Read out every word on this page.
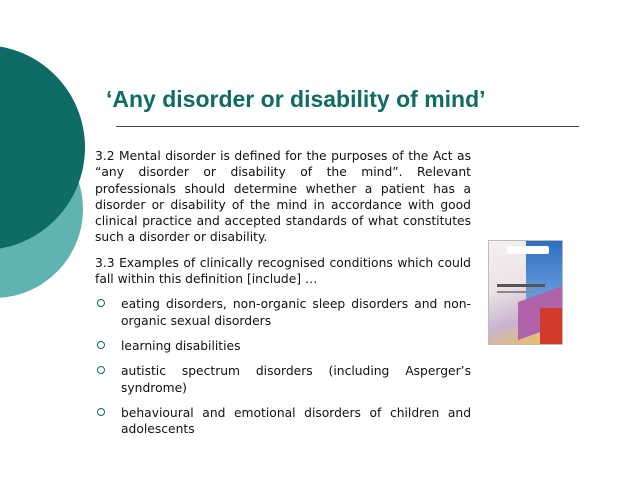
‘Any disorder or disability of mind’

3.2 Mental disorder is defined for the purposes of the Act as “any disorder or disability of the mind”. Relevant professionals should determine whether a patient has a disorder or disability of the mind in accordance with good clinical practice and accepted standards of what constitutes such a disorder or disability.

3.3 Examples of clinically recognised conditions which could fall within this definition [include] …

eating disorders, non-organic sleep disorders and non-organic sexual disorders
learning disabilities
autistic spectrum disorders (including Asperger’s syndrome)
behavioural and emotional disorders of children and adolescents
